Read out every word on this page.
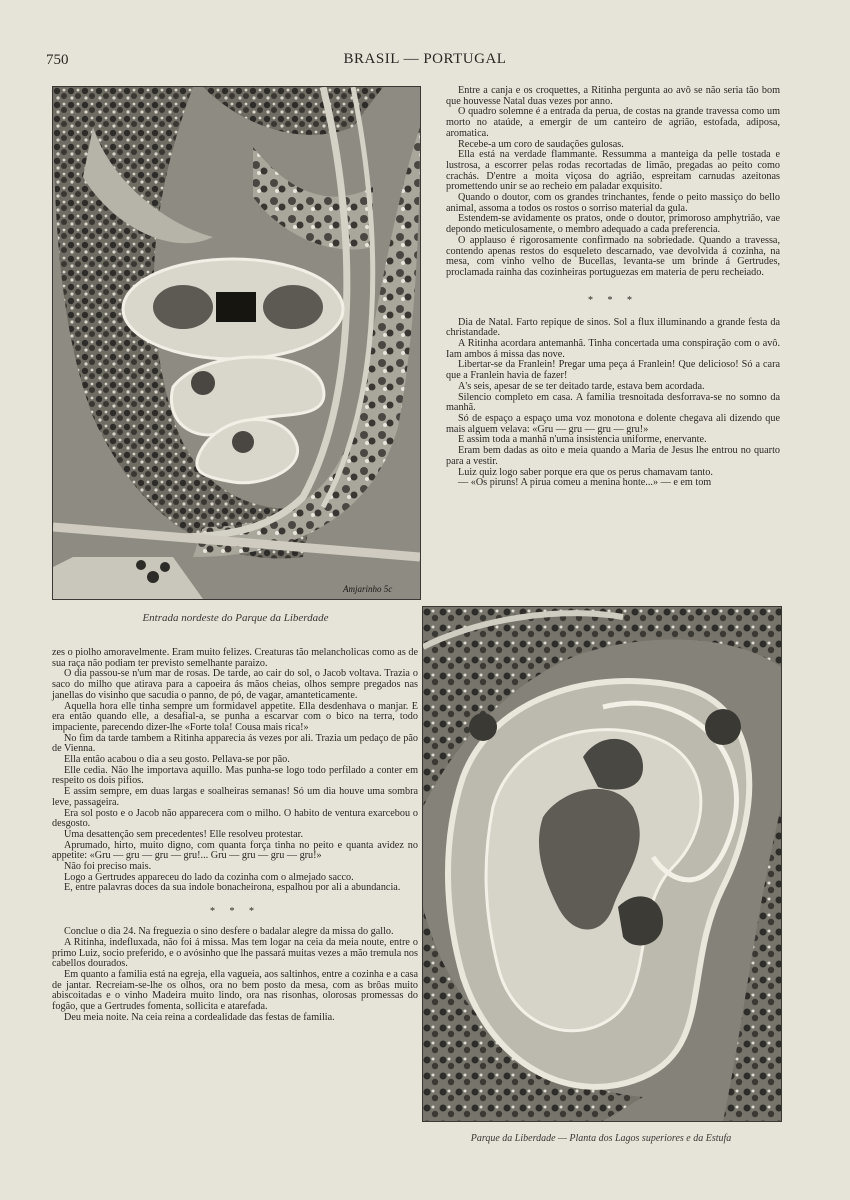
750	BRASIL — PORTUGAL
Amjarinho 5c
Entrada nordeste do Parque da Liberdade
Parque da Liberdade — Planta dos Lagos superiores e da Estufa

Entre a canja e os croquettes, a Ritinha pergunta ao avô se não seria tão bom que houvesse Natal duas vezes por anno.

O quadro solemne é a entrada da perua, de costas na grande travessa como um morto no ataúde, a emergir de um canteiro de agrião, estofada, adiposa, aromatica.

Recebe-a um coro de saudações gulosas.

Ella está na verdade flammante. Ressumma a manteiga da pelle tostada e lustrosa, a escorrer pelas rodas recortadas de limão, pregadas ao peito como crachás. D'entre a moita viçosa do agrião, espreitam carnudas azeitonas promettendo unir se ao recheio em paladar exquisito.

Quando o doutor, com os grandes trinchantes, fende o peito massiço do bello animal, assoma a todos os rostos o sorriso material da gula.

Estendem-se avidamente os pratos, onde o doutor, primoroso amphytrião, vae depondo meticulosamente, o membro adequado a cada preferencia.

O applauso é rigorosamente confirmado na sobriedade. Quando a travessa, contendo apenas restos do esqueleto descarnado, vae devolvida á cozinha, na mesa, com vinho velho de Bucellas, levanta-se um brinde á Gertrudes, proclamada rainha das cozinheiras portuguezas em materia de peru recheiado.

* * *

Dia de Natal. Farto repique de sinos. Sol a flux illuminando a grande festa da christandade.

A Ritinha acordara antemanhã. Tinha concertada uma conspiração com o avô. Iam ambos á missa das nove.

Libertar-se da Franlein! Pregar uma peça á Franlein! Que delicioso! Só a cara que a Franlein havia de fazer!

A's seis, apesar de se ter deitado tarde, estava bem acordada.

Silencio completo em casa. A familia tresnoitada desforrava-se no somno da manhã.

Só de espaço a espaço uma voz monotona e dolente chegava ali dizendo que mais alguem velava: «Gru — gru — gru — gru!»

E assim toda a manhã n'uma insistencia uniforme, enervante.

Eram bem dadas as oito e meia quando a Maria de Jesus lhe entrou no quarto para a vestir.

Luiz quiz logo saber porque era que os perus chamavam tanto.

— «Os piruns! A pirua comeu a menina honte...» — e em tom

zes o piolho amoravelmente. Eram muito felizes. Creaturas tão melancholicas como as de sua raça não podiam ter previsto semelhante paraizo.

O dia passou-se n'um mar de rosas. De tarde, ao cair do sol, o Jacob voltava. Trazia o saco do milho que atirava para a capoeira ás mãos cheias, olhos sempre pregados nas janellas do visinho que sacudia o panno, de pó, de vagar, amanteticamente.

Aquella hora elle tinha sempre um formidavel appetite. Ella desdenhava o manjar. E era então quando elle, a desafial-a, se punha a escarvar com o bico na terra, todo impaciente, parecendo dizer-lhe «Forte tola! Cousa mais rica!»

No fim da tarde tambem a Ritinha apparecia ás vezes por ali. Trazia um pedaço de pão de Vienna.

Ella então acabou o dia a seu gosto. Pellava-se por pão.

Elle cedia. Não lhe importava aquillo. Mas punha-se logo todo perfilado a conter em respeito os dois pifios.

E assim sempre, em duas largas e soalheiras semanas! Só um dia houve uma sombra leve, passageira.

Era sol posto e o Jacob não apparecera com o milho. O habito de ventura exarcebou o desgosto.

Uma desattenção sem precedentes! Elle resolveu protestar.

Aprumado, hirto, muito digno, com quanta força tinha no peito e quanta avidez no appetite: «Gru — gru — gru — gru!... Gru — gru — gru — gru!»

Não foi preciso mais.

Logo a Gertrudes appareceu do lado da cozinha com o almejado sacco.

E, entre palavras doces da sua indole bonacheirona, espalhou por ali a abundancia.

* * *

Conclue o dia 24. Na freguezia o sino desfere o badalar alegre da missa do gallo.

A Ritinha, indefluxada, não foi á missa. Mas tem logar na ceia da meia noute, entre o primo Luiz, socio preferido, e o avósinho que lhe passará muitas vezes a mão tremula nos cabellos dourados.

Em quanto a familia está na egreja, ella vagueia, aos saltinhos, entre a cozinha e a casa de jantar. Recreiam-se-lhe os olhos, ora no bem posto da mesa, com as brôas muito abiscoitadas e o vinho Madeira muito lindo, ora nas risonhas, olorosas promessas do fogão, que a Gertrudes fomenta, sollicita e atarefada.

Deu meia noite. Na ceia reina a cordealidade das festas de familia.
